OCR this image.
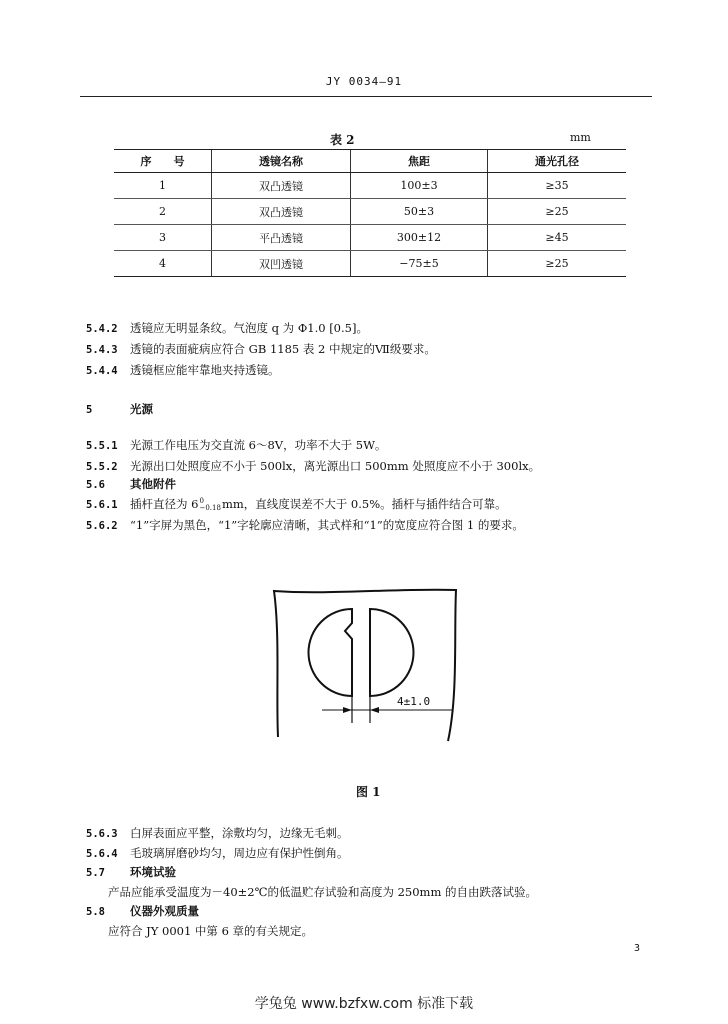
JY 0034—91
表 2	mm
序　　号	透镜名称	焦距	通光孔径
1	双凸透镜	100±3	≥35
2	双凸透镜	50±3	≥25
3	平凸透镜	300±12	≥45
4	双凹透镜	−75±5	≥25
5.4.2 透镜应无明显条纹。气泡度 q 为 Φ1.0 [0.5]。
5.4.3 透镜的表面疵病应符合 GB 1185 表 2 中规定的Ⅶ级要求。
5.4.4 透镜框应能牢靠地夹持透镜。
5	光源
5.5.1 光源工作电压为交直流 6～8V，功率不大于 5W。
5.5.2 光源出口处照度应不小于 500lx，离光源出口 500mm 处照度应不小于 300lx。
5.6 其他附件
5.6.1 插杆直径为 6 0
−0.18 mm，直线度误差不大于 0.5%。插杆与插件结合可靠。
5.6.2 “1”字屏为黑色，“1”字轮廓应清晰，其式样和“1”的宽度应符合图 1 的要求。
4±1.0
图 1
5.6.3 白屏表面应平整，涂敷均匀，边缘无毛刺。
5.6.4 毛玻璃屏磨砂均匀，周边应有保护性倒角。
5.7 环境试验
产品应能承受温度为－40±2℃的低温贮存试验和高度为 250mm 的自由跌落试验。
5.8 仪器外观质量
应符合 JY 0001 中第 6 章的有关规定。
3
学兔兔 www.bzfxw.com 标准下载
